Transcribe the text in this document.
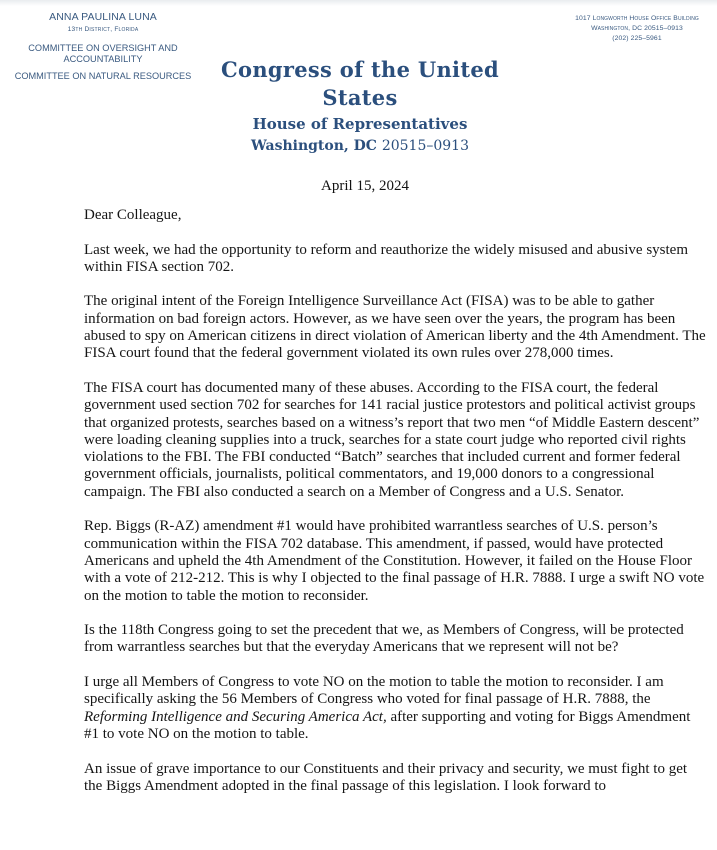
ANNA PAULINA LUNA
13th District, Florida
COMMITTEE ON OVERSIGHT AND
ACCOUNTABILITY
COMMITTEE ON NATURAL RESOURCES	Congress of the United States
House of Representatives
Washington, DC 20515–0913
1017 Longworth House Office Building
Washington, DC 20515–0913
(202) 225–5961
April 15, 2024

Dear Colleague,

Last week, we had the opportunity to reform and reauthorize the widely misused and abusive system within FISA section 702.

The original intent of the Foreign Intelligence Surveillance Act (FISA) was to be able to gather information on bad foreign actors. However, as we have seen over the years, the program has been abused to spy on American citizens in direct violation of American liberty and the 4th Amendment. The FISA court found that the federal government violated its own rules over 278,000 times.

The FISA court has documented many of these abuses. According to the FISA court, the federal government used section 702 for searches for 141 racial justice protestors and political activist groups that organized protests, searches based on a witness’s report that two men “of Middle Eastern descent” were loading cleaning supplies into a truck, searches for a state court judge who reported civil rights violations to the FBI. The FBI conducted “Batch” searches that included current and former federal government officials, journalists, political commentators, and 19,000 donors to a congressional campaign. The FBI also conducted a search on a Member of Congress and a U.S. Senator.

Rep. Biggs (R-AZ) amendment #1 would have prohibited warrantless searches of U.S. person’s communication within the FISA 702 database. This amendment, if passed, would have protected Americans and upheld the 4th Amendment of the Constitution. However, it failed on the House Floor with a vote of 212-212. This is why I objected to the final passage of H.R. 7888. I urge a swift NO vote on the motion to table the motion to reconsider.

Is the 118th Congress going to set the precedent that we, as Members of Congress, will be protected from warrantless searches but that the everyday Americans that we represent will not be?

I urge all Members of Congress to vote NO on the motion to table the motion to reconsider. I am specifically asking the 56 Members of Congress who voted for final passage of H.R. 7888, the Reforming Intelligence and Securing America Act, after supporting and voting for Biggs Amendment #1 to vote NO on the motion to table.

An issue of grave importance to our Constituents and their privacy and security, we must fight to get the Biggs Amendment adopted in the final passage of this legislation. I look forward to
